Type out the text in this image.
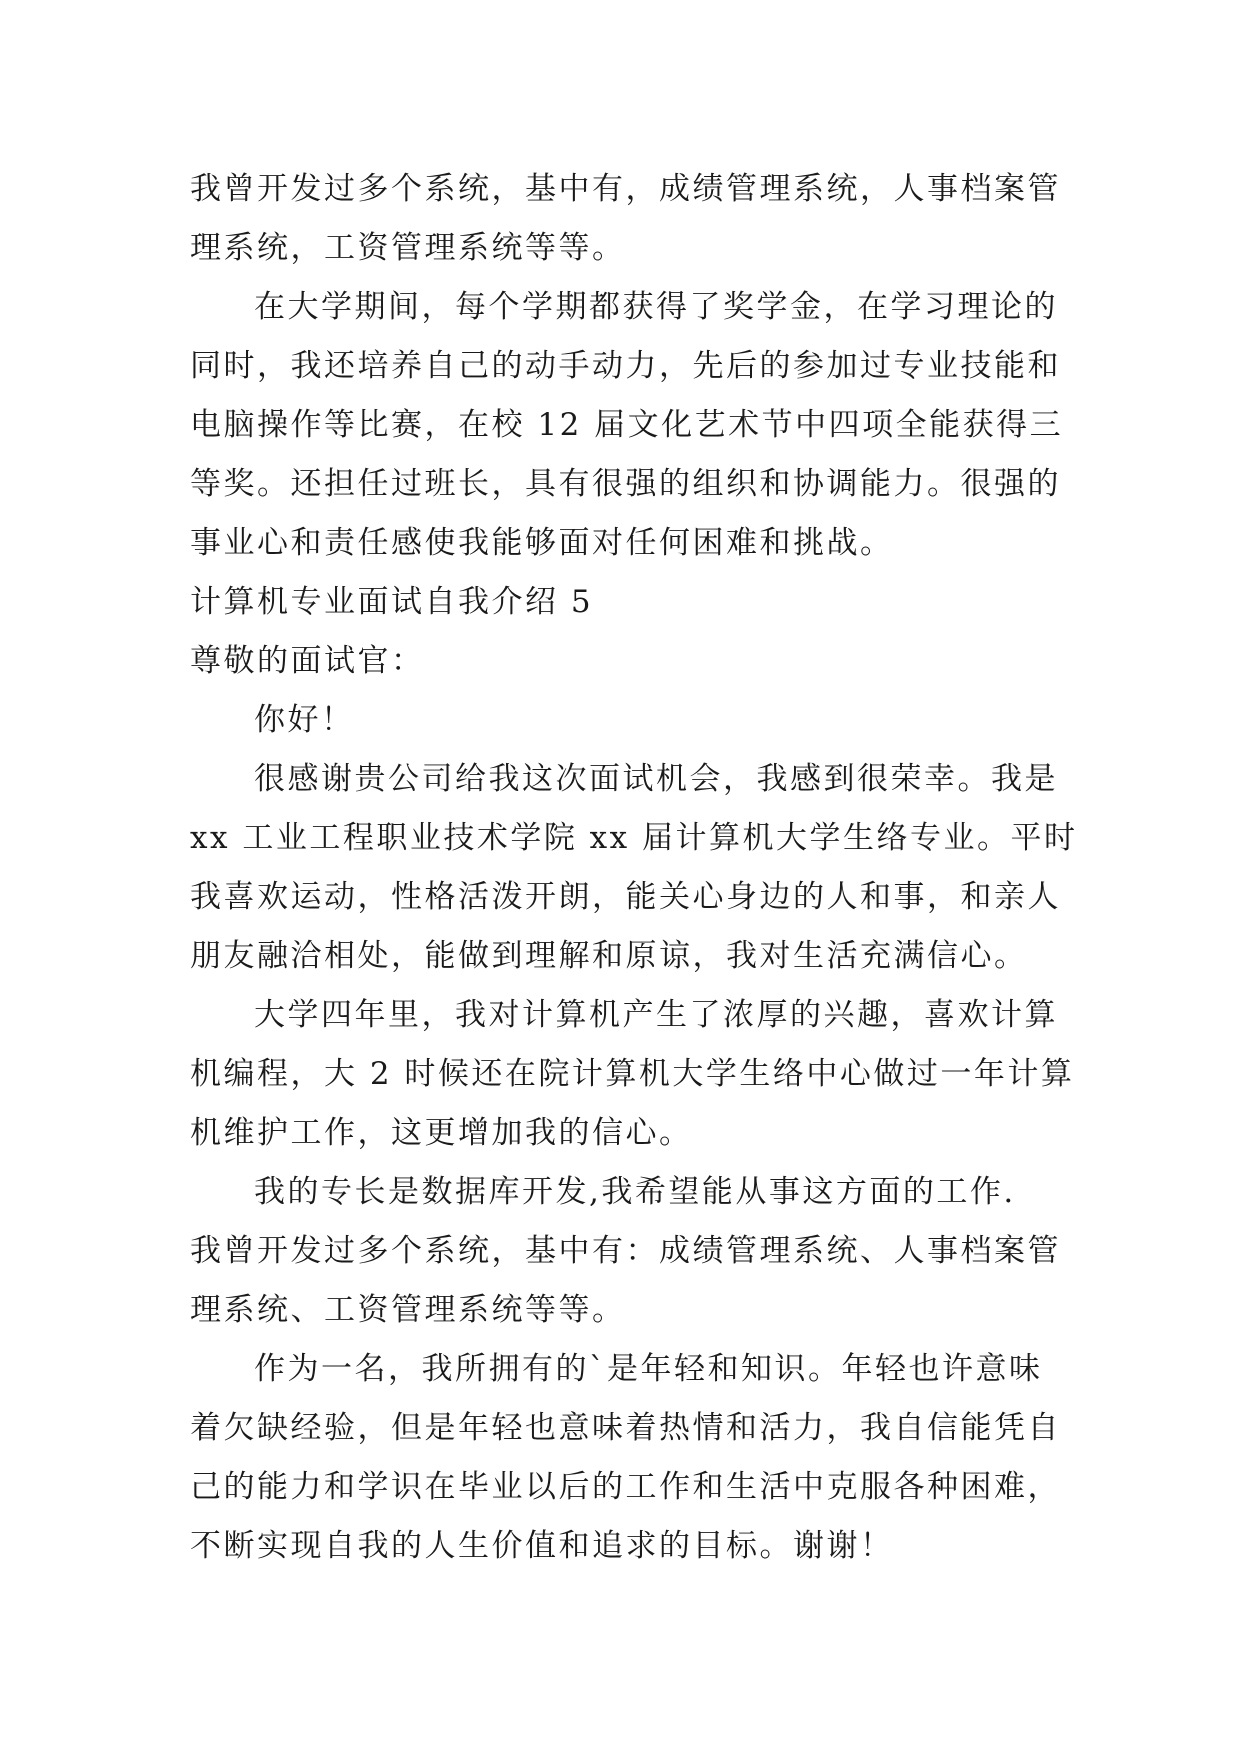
我曾开发过多个系统，基中有，成绩管理系统，人事档案管
理系统，工资管理系统等等。
在大学期间，每个学期都获得了奖学金，在学习理论的
同时，我还培养自己的动手动力，先后的参加过专业技能和
电脑操作等比赛，在校 12 届文化艺术节中四项全能获得三
等奖。还担任过班长，具有很强的组织和协调能力。很强的
事业心和责任感使我能够面对任何困难和挑战。
计算机专业面试自我介绍 5
尊敬的面试官：
你好！
很感谢贵公司给我这次面试机会，我感到很荣幸。我是
xx 工业工程职业技术学院 xx 届计算机大学生络专业。平时
我喜欢运动，性格活泼开朗，能关心身边的人和事，和亲人
朋友融洽相处，能做到理解和原谅，我对生活充满信心。
大学四年里，我对计算机产生了浓厚的兴趣，喜欢计算
机编程，大 2 时候还在院计算机大学生络中心做过一年计算
机维护工作，这更增加我的信心。
我的专长是数据库开发,我希望能从事这方面的工作.
我曾开发过多个系统，基中有：成绩管理系统、人事档案管
理系统、工资管理系统等等。
作为一名，我所拥有的`是年轻和知识。年轻也许意味
着欠缺经验，但是年轻也意味着热情和活力，我自信能凭自
己的能力和学识在毕业以后的工作和生活中克服各种困难，
不断实现自我的人生价值和追求的目标。谢谢！
